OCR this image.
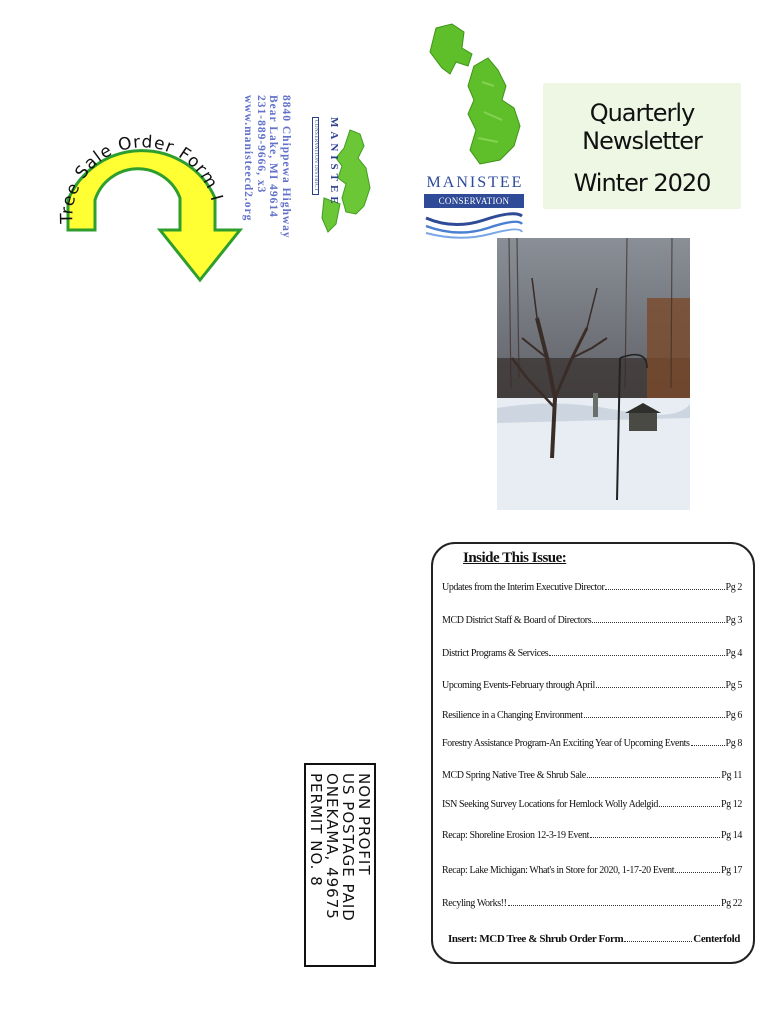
Tree Sale Order Form I	MANISTEE
CONSERVATION DISTRICT
8840 Chippewa Highway
Bear Lake, MI 49614
231-889-9666, x3
www.manisteecd2.org	MANISTEE
CONSERVATION DISTRICT
Quarterly Newsletter
Winter 2020
NON PROFIT
US POSTAGE PAID
ONEKAMA, 49675
PERMIT NO. 8
Inside This Issue:
Updates from the Interim Executive Director	Pg 2
MCD District Staff & Board of Directors	Pg 3
District Programs & Services	Pg 4
Upcoming Events-February through April	Pg 5
Resilience in a Changing Environment	Pg 6
Forestry Assistance Program-An Exciting Year of Upcoming Events	Pg 8
MCD Spring Native Tree & Shrub Sale	Pg 11
ISN Seeking Survey Locations for Hemlock Wolly Adelgid	Pg 12
Recap: Shoreline Erosion 12-3-19 Event	Pg 14
Recap: Lake Michigan: What's in Store for 2020, 1-17-20 Event	Pg 17
Recyling Works!!	Pg 22
Insert: MCD Tree & Shrub Order Form	Centerfold
